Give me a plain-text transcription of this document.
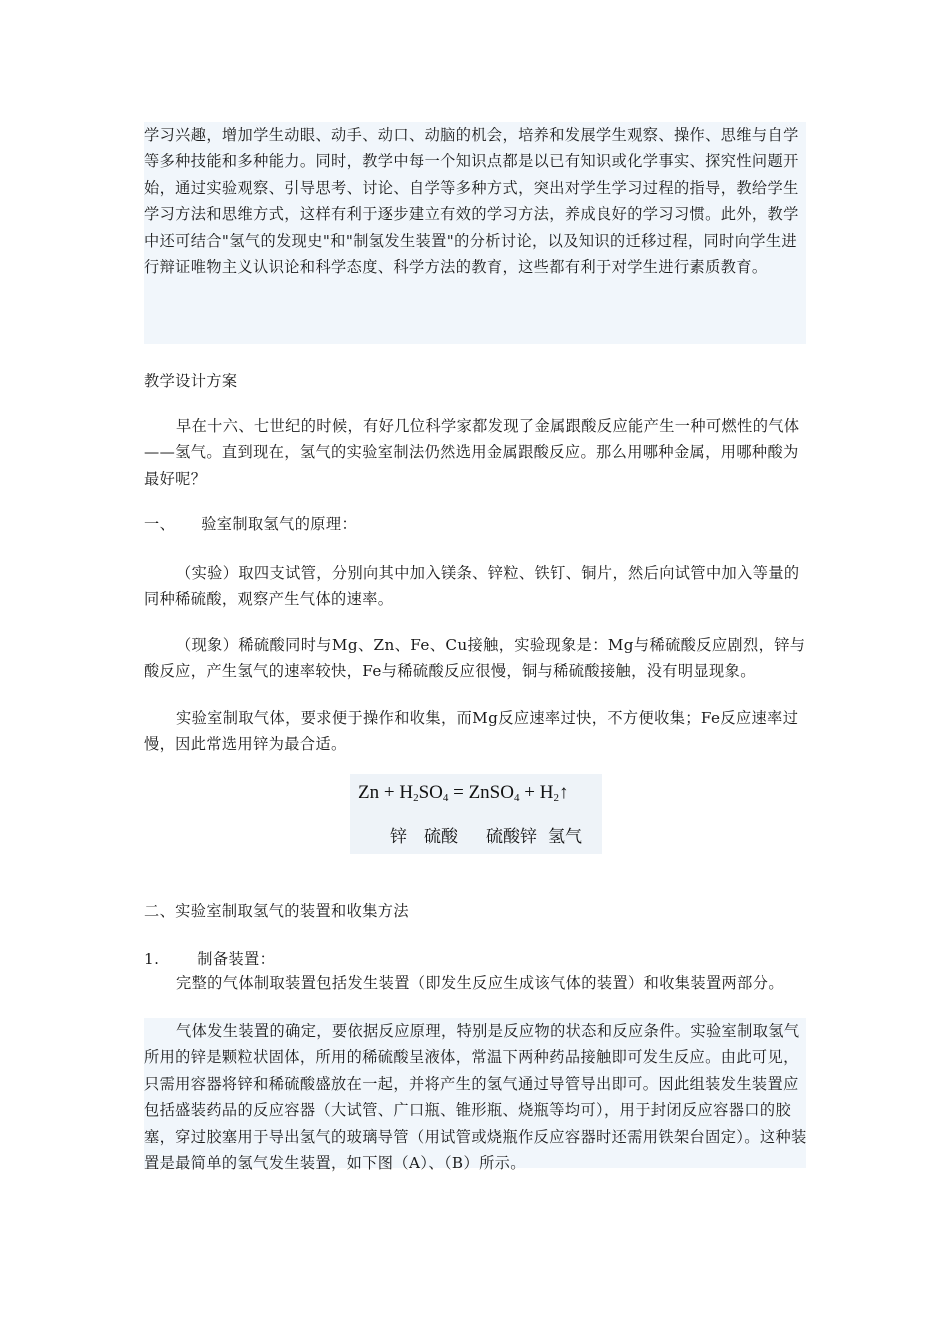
学习兴趣，增加学生动眼、动手、动口、动脑的机会，培养和发展学生观察、操作、思维与自学等多种技能和多种能力。同时，教学中每一个知识点都是以已有知识或化学事实、探究性问题开始，通过实验观察、引导思考、讨论、自学等多种方式，突出对学生学习过程的指导，教给学生学习方法和思维方式，这样有利于逐步建立有效的学习方法，养成良好的学习习惯。此外，教学中还可结合"氢气的发现史"和"制氢发生装置"的分析讨论，以及知识的迁移过程，同时向学生进行辩证唯物主义认识论和科学态度、科学方法的教育，这些都有利于对学生进行素质教育。

教学设计方案

早在十六、七世纪的时候，有好几位科学家都发现了金属跟酸反应能产生一种可燃性的气体——氢气。直到现在，氢气的实验室制法仍然选用金属跟酸反应。那么用哪种金属，用哪种酸为最好呢？

一、 验室制取氢气的原理：

（实验）取四支试管，分别向其中加入镁条、锌粒、铁钉、铜片，然后向试管中加入等量的同种稀硫酸，观察产生气体的速率。

（现象）稀硫酸同时与Mg、Zn、Fe、Cu接触，实验现象是：Mg与稀硫酸反应剧烈，锌与酸反应，产生氢气的速率较快，Fe与稀硫酸反应很慢，铜与稀硫酸接触，没有明显现象。

实验室制取气体，要求便于操作和收集，而Mg反应速率过快，不方便收集；Fe反应速率过慢，因此常选用锌为最合适。

$Zn + H_2SO_4$ = ZnSO$_4$ + $H_2↑$
锌 硫酸 硫酸锌 氢气

二、实验室制取氢气的装置和收集方法

1.	制备装置：

完整的气体制取装置包括发生装置（即发生反应生成该气体的装置）和收集装置两部分。

气体发生装置的确定，要依据反应原理，特别是反应物的状态和反应条件。实验室制取氢气所用的锌是颗粒状固体，所用的稀硫酸呈液体，常温下两种药品接触即可发生反应。由此可见，只需用容器将锌和稀硫酸盛放在一起，并将产生的氢气通过导管导出即可。因此组装发生装置应包括盛装药品的反应容器（大试管、广口瓶、锥形瓶、烧瓶等均可），用于封闭反应容器口的胶塞，穿过胶塞用于导出氢气的玻璃导管（用试管或烧瓶作反应容器时还需用铁架台固定）。这种装置是最简单的氢气发生装置，如下图（A）、（B）所示。
